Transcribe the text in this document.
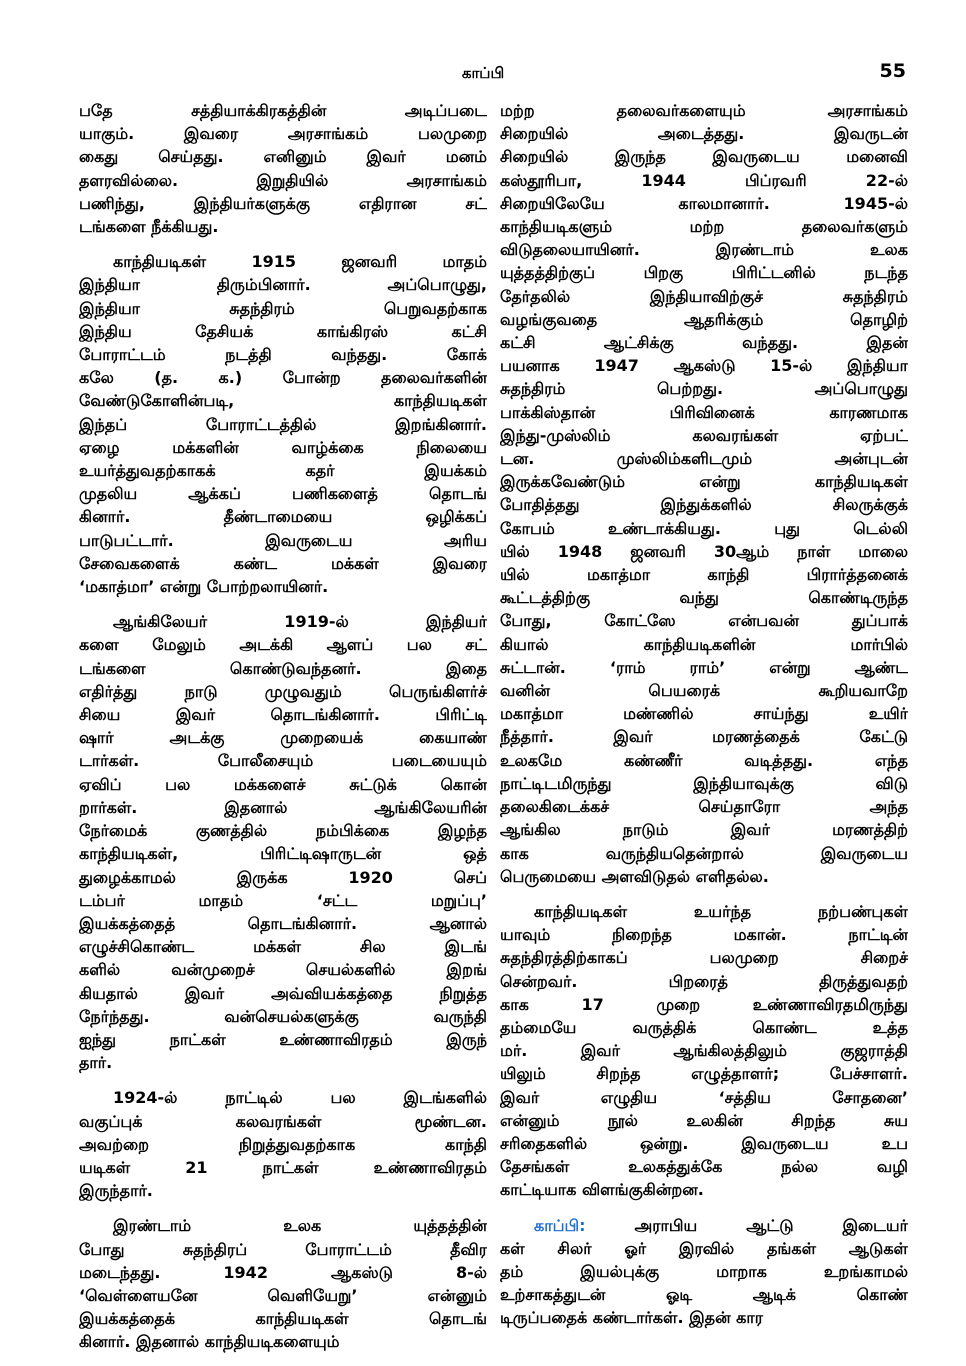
காப்பி	55
பதே சத்தியாக்கிரகத்தின் அடிப்படை
யாகும். இவரை அரசாங்கம் பலமுறை
கைது செய்தது. எனினும் இவர் மனம்
தளரவில்லை. இறுதியில் அரசாங்கம்
பணிந்து, இந்தியர்களுக்கு எதிரான சட்
டங்களை நீக்கியது.
காந்தியடிகள் 1915 ஜனவரி மாதம்
இந்தியா திரும்பினார். அப்பொழுது,
இந்தியா சுதந்திரம் பெறுவதற்காக
இந்திய தேசியக் காங்கிரஸ் கட்சி
போராட்டம் நடத்தி வந்தது. கோக்
கலே (த. க.) போன்ற தலைவர்களின்
வேண்டுகோளின்படி, காந்தியடிகள்
இந்தப் போராட்டத்தில் இறங்கினார்.
ஏழை மக்களின் வாழ்க்கை நிலையை
உயர்த்துவதற்காகக் கதர் இயக்கம்
முதலிய ஆக்கப் பணிகளைத் தொடங்
கினார். தீண்டாமையை ஒழிக்கப்
பாடுபட்டார். இவருடைய அரிய
சேவைகளைக் கண்ட மக்கள் இவரை
‘மகாத்மா’ என்று போற்றலாயினர்.
ஆங்கிலேயர் 1919-ல் இந்தியர்
களை மேலும் அடக்கி ஆளப் பல சட்
டங்களை கொண்டுவந்தனர். இதை
எதிர்த்து நாடு முழுவதும் பெருங்கிளர்ச்
சியை இவர் தொடங்கினார். பிரிட்டி
ஷார் அடக்கு முறையைக் கையாண்
டார்கள். போலீசையும் படையையும்
ஏவிப் பல மக்களைச் சுட்டுக் கொன்
றார்கள். இதனால் ஆங்கிலேயரின்
நேர்மைக் குணத்தில் நம்பிக்கை இழந்த
காந்தியடிகள், பிரிட்டிஷாருடன் ஒத்
துழைக்காமல் இருக்க 1920 செப்
டம்பர் மாதம் ‘சட்ட மறுப்பு’
இயக்கத்தைத் தொடங்கினார். ஆனால்
எழுச்சிகொண்ட மக்கள் சில இடங்
களில் வன்முறைச் செயல்களில் இறங்
கியதால் இவர் அவ்வியக்கத்தை நிறுத்த
நேர்ந்தது. வன்செயல்களுக்கு வருந்தி
ஐந்து நாட்கள் உண்ணாவிரதம் இருந்
தார்.
1924-ல் நாட்டில் பல இடங்களில்
வகுப்புக் கலவரங்கள் மூண்டன.
அவற்றை நிறுத்துவதற்காக காந்தி
யடிகள் 21 நாட்கள் உண்ணாவிரதம்
இருந்தார்.
இரண்டாம் உலக யுத்தத்தின்
போது சுதந்திரப் போராட்டம் தீவிர
மடைந்தது. 1942 ஆகஸ்டு 8-ல்
‘வெள்ளையனே வெளியேறு’ என்னும்
இயக்கத்தைக் காந்தியடிகள் தொடங்
கினார். இதனால் காந்தியடிகளையும்
மற்ற தலைவர்களையும் அரசாங்கம்
சிறையில் அடைத்தது. இவருடன்
சிறையில் இருந்த இவருடைய மனைவி
கஸ்தூரிபா, 1944 பிப்ரவரி 22-ல்
சிறையிலேயே காலமானார். 1945-ல்
காந்தியடிகளும் மற்ற தலைவர்களும்
விடுதலையாயினர். இரண்டாம் உலக
யுத்தத்திற்குப் பிறகு பிரிட்டனில் நடந்த
தேர்தலில் இந்தியாவிற்குச் சுதந்திரம்
வழங்குவதை ஆதரிக்கும் தொழிற்
கட்சி ஆட்சிக்கு வந்தது. இதன்
பயனாக 1947 ஆகஸ்டு 15-ல் இந்தியா
சுதந்திரம் பெற்றது. அப்பொழுது
பாக்கிஸ்தான் பிரிவினைக் காரணமாக
இந்து-முஸ்லிம் கலவரங்கள் ஏற்பட்
டன. முஸ்லிம்களிடமும் அன்புடன்
இருக்கவேண்டும் என்று காந்தியடிகள்
போதித்தது இந்துக்களில் சிலருக்குக்
கோபம் உண்டாக்கியது. புது டெல்லி
யில் 1948 ஜனவரி 30ஆம் நாள் மாலை
யில் மகாத்மா காந்தி பிரார்த்தனைக்
கூட்டத்திற்கு வந்து கொண்டிருந்த
போது, கோட்ஸே என்பவன் துப்பாக்
கியால் காந்தியடிகளின் மார்பில்
சுட்டான். ‘ராம் ராம்’ என்று ஆண்ட
வனின் பெயரைக் கூறியவாறே
மகாத்மா மண்ணில் சாய்ந்து உயிர்
நீத்தார். இவர் மரணத்தைக் கேட்டு
உலகமே கண்ணீர் வடித்தது. எந்த
நாட்டிடமிருந்து இந்தியாவுக்கு விடு
தலைகிடைக்கச் செய்தாரோ அந்த
ஆங்கில நாடும் இவர் மரணத்திற்
காக வருந்தியதென்றால் இவருடைய
பெருமையை அளவிடுதல் எளிதல்ல.
காந்தியடிகள் உயர்ந்த நற்பண்புகள்
யாவும் நிறைந்த மகான். நாட்டின்
சுதந்திரத்திற்காகப் பலமுறை சிறைச்
சென்றவர். பிறரைத் திருத்துவதற்
காக 17 முறை உண்ணாவிரதமிருந்து
தம்மையே வருத்திக் கொண்ட உத்த
மர். இவர் ஆங்கிலத்திலும் குஜராத்தி
யிலும் சிறந்த எழுத்தாளர்; பேச்சாளர்.
இவர் எழுதிய ‘சத்திய சோதனை’
என்னும் நூல் உலகின் சிறந்த சுய
சரிதைகளில் ஒன்று. இவருடைய உப
தேசங்கள் உலகத்துக்கே நல்ல வழி
காட்டியாக விளங்குகின்றன.
காப்பி: அராபிய ஆட்டு இடையர்
கள் சிலர் ஓர் இரவில் தங்கள் ஆடுகள்
தம் இயல்புக்கு மாறாக உறங்காமல்
உற்சாகத்துடன் ஓடி ஆடிக் கொண்
டிருப்பதைக் கண்டார்கள். இதன் கார
